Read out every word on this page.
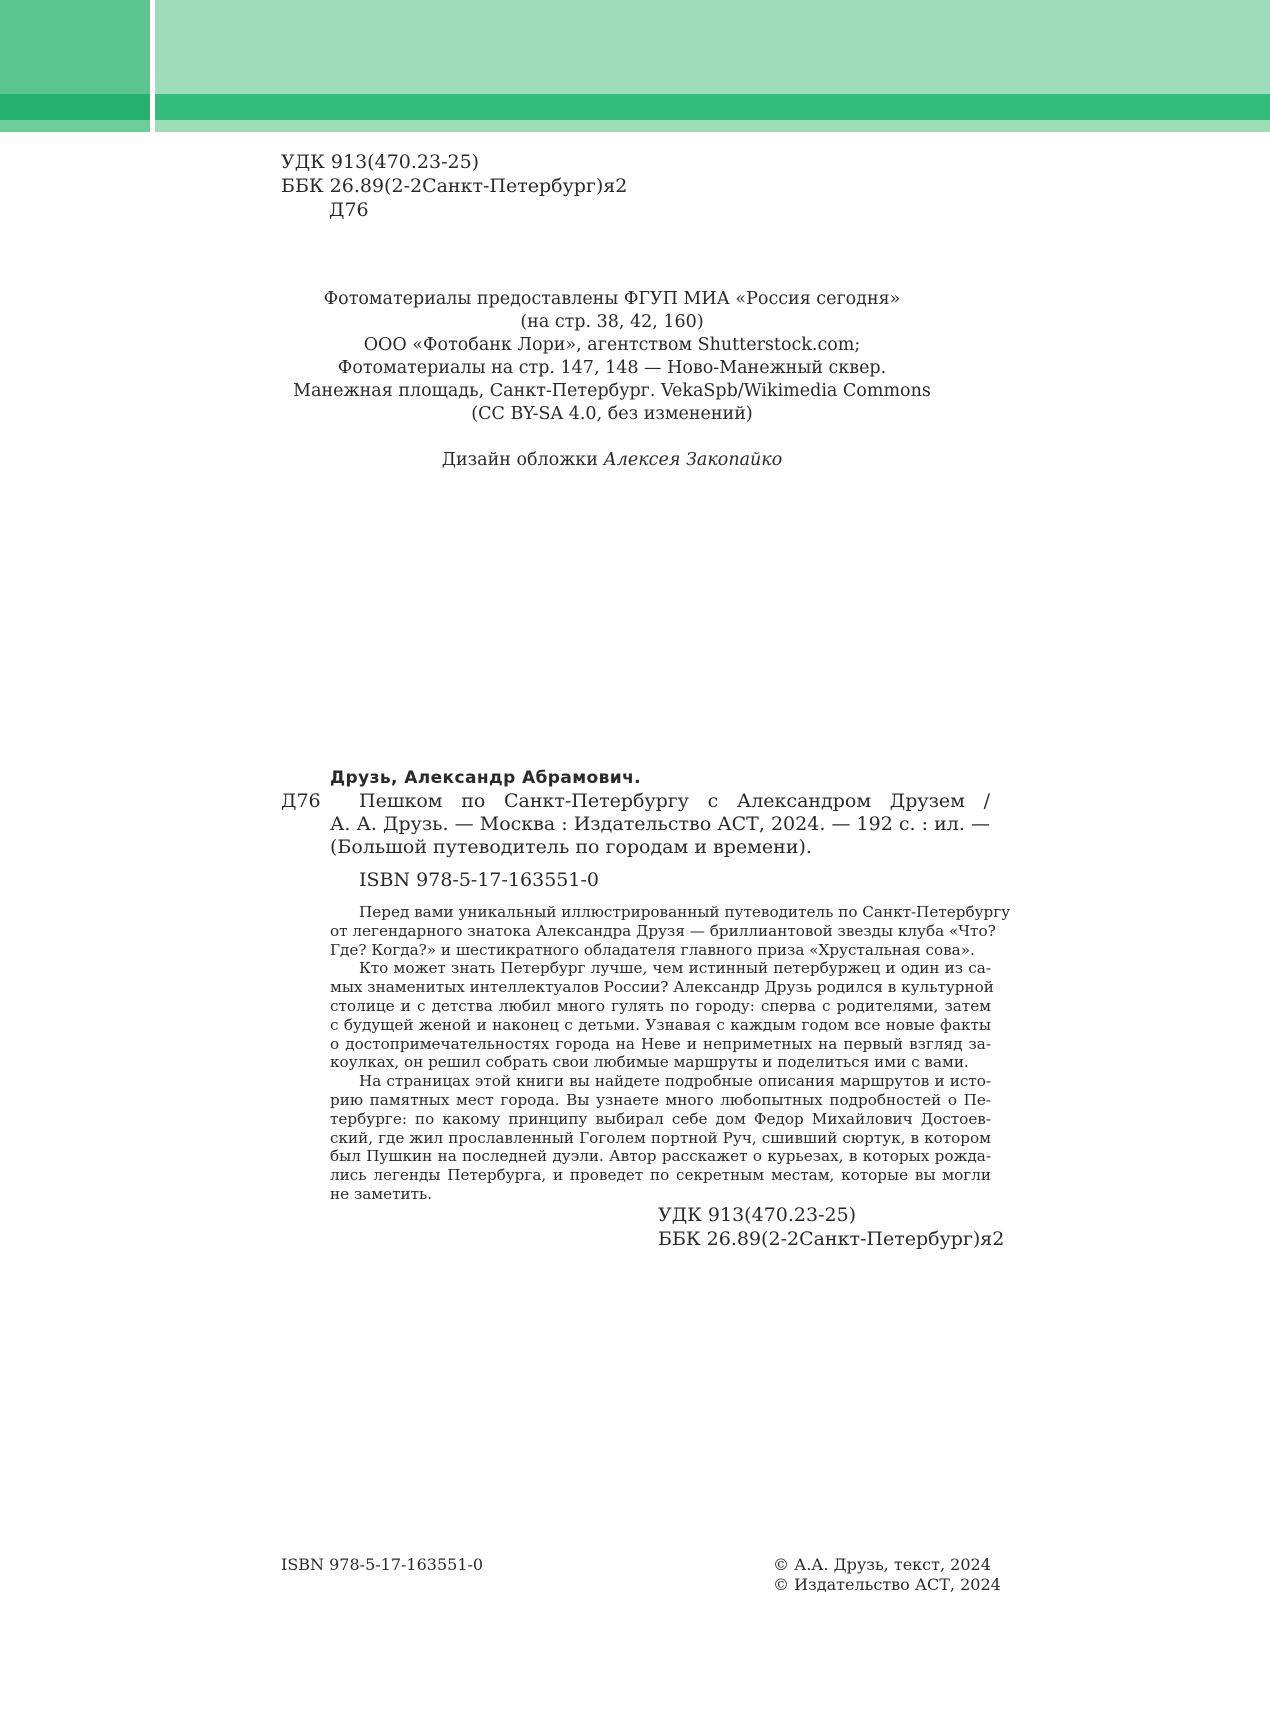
УДК 913(470.23-25)
ББК 26.89(2-2Санкт-Петербург)я2
Д76
Фотоматериалы предоставлены ФГУП МИА «Россия сегодня»
(на стр. 38, 42, 160)
ООО «Фотобанк Лори», агентством Shutterstock.com;
Фотоматериалы на стр. 147, 148 — Ново-Манежный сквер.
Манежная площадь, Санкт-Петербург. VekaSpb/Wikimedia Commons
(CC BY-SA 4.0, без изменений)
Дизайн обложки Алексея Закопайко
Друзь, Александр Абрамович.
Д76	Пешком по Санкт-Петербургу с Александром Друзем /
А. А. Друзь. — Москва : Издательство АСТ, 2024. — 192 с. : ил. —
(Большой путеводитель по городам и времени).
ISBN 978-5-17-163551-0
Перед вами уникальный иллюстрированный путеводитель по Санкт-Петербургу
от легендарного знатока Александра Друзя — бриллиантовой звезды клуба «Что?
Где? Когда?» и шестикратного обладателя главного приза «Хрустальная сова».
Кто может знать Петербург лучше, чем истинный петербуржец и один из са-
мых знаменитых интеллектуалов России? Александр Друзь родился в культурной
столице и с детства любил много гулять по городу: сперва с родителями, затем
с будущей женой и наконец с детьми. Узнавая с каждым годом все новые факты
о достопримечательностях города на Неве и неприметных на первый взгляд за-
коулках, он решил собрать свои любимые маршруты и поделиться ими с вами.
На страницах этой книги вы найдете подробные описания маршрутов и исто-
рию памятных мест города. Вы узнаете много любопытных подробностей о Пе-
тербурге: по какому принципу выбирал себе дом Федор Михайлович Достоев-
ский, где жил прославленный Гоголем портной Руч, сшивший сюртук, в котором
был Пушкин на последней дуэли. Автор расскажет о курьезах, в которых рожда-
лись легенды Петербурга, и проведет по секретным местам, которые вы могли
не заметить.
УДК 913(470.23-25)
ББК 26.89(2-2Санкт-Петербург)я2
ISBN 978-5-17-163551-0	© А.А. Друзь, текст, 2024
© Издательство АСТ, 2024
